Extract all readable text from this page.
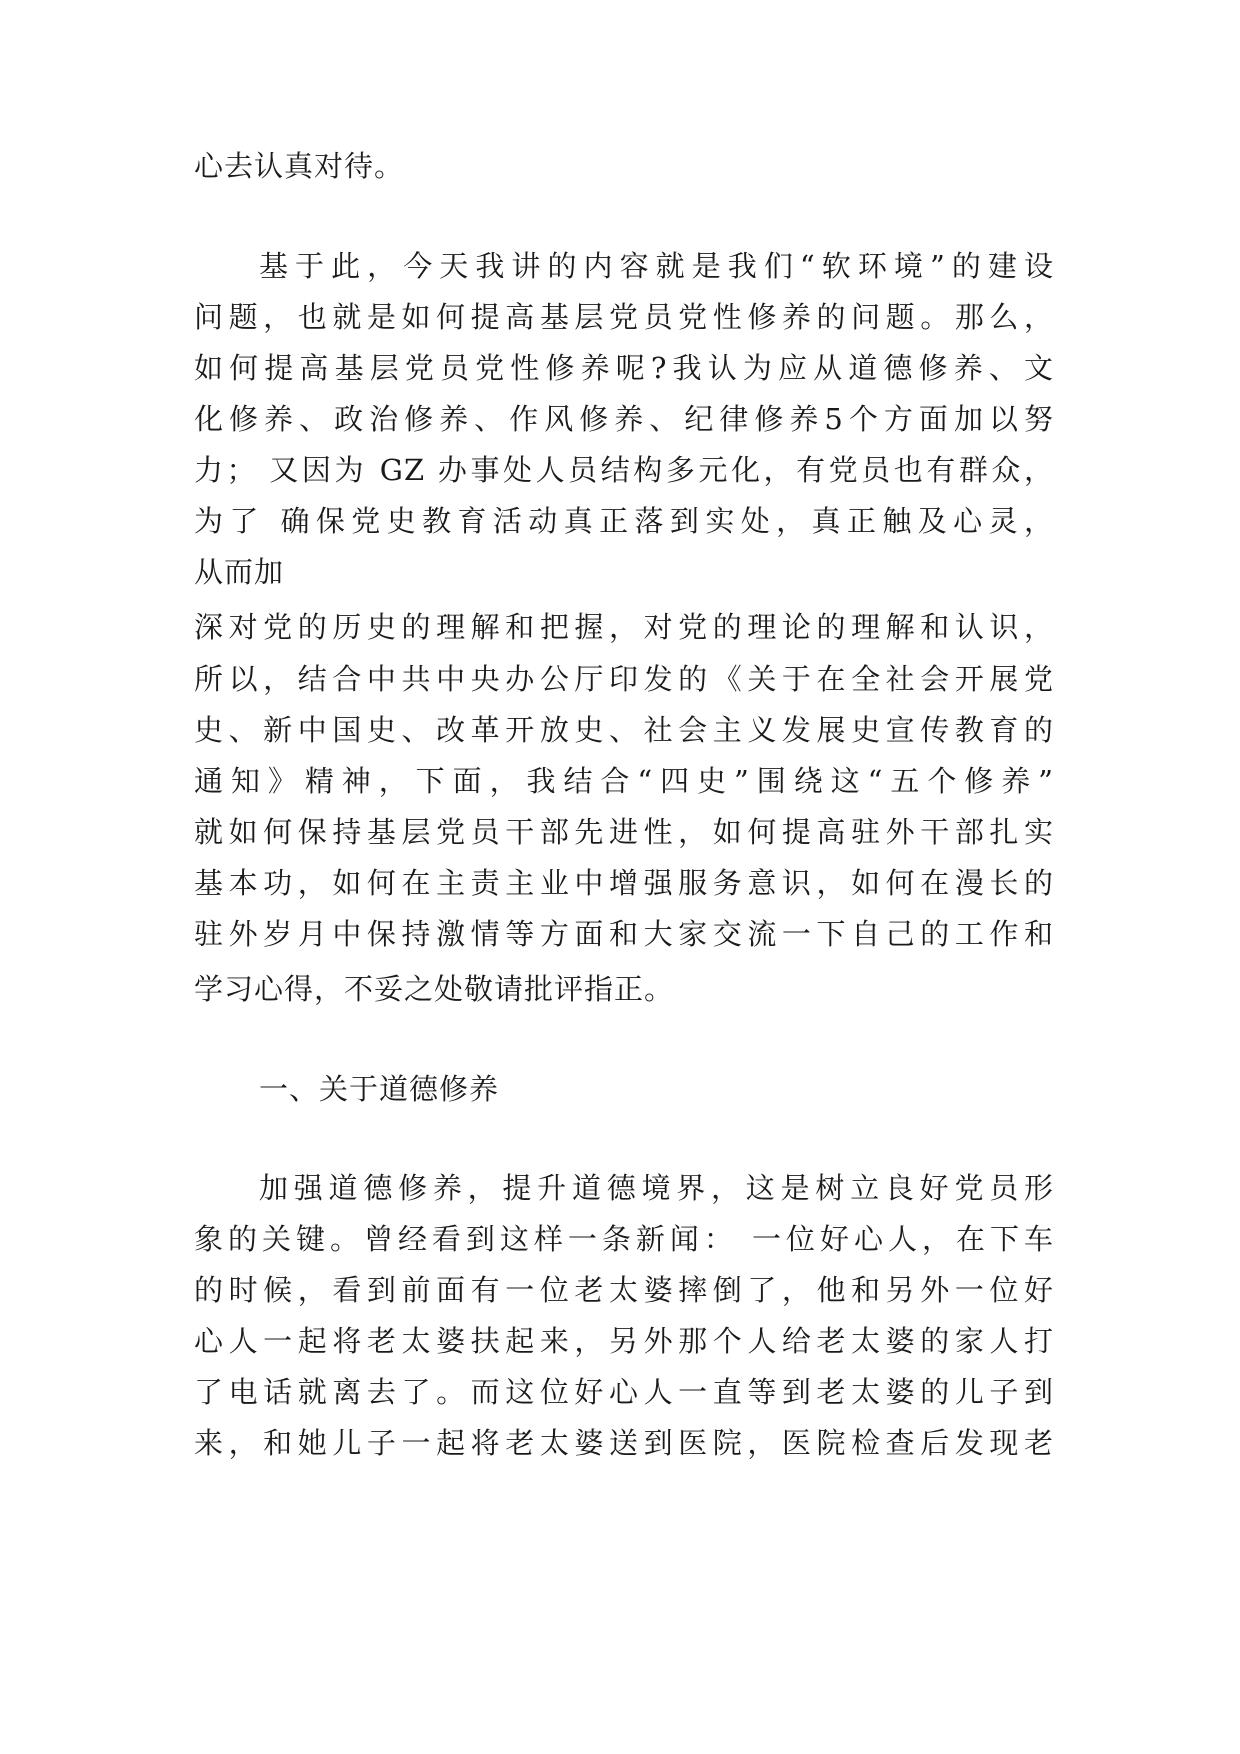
心去认真对待。
基于此，今天我讲的内容就是我们“软环境”的建设
问题，也就是如何提高基层党员党性修养的问题。那么，
如何提高基层党员党性修养呢?我认为应从道德修养、文
化修养、政治修养、作风修养、纪律修养5个方面加以努
力； 又因为 GZ 办事处人员结构多元化，有党员也有群众，
为了 确保党史教育活动真正落到实处，真正触及心灵，
从而加
深对党的历史的理解和把握，对党的理论的理解和认识，
所以，结合中共中央办公厅印发的《关于在全社会开展党
史、新中国史、改革开放史、社会主义发展史宣传教育的
通知》精神，下面，我结合“四史”围绕这“五个修养”
就如何保持基层党员干部先进性，如何提高驻外干部扎实
基本功，如何在主责主业中增强服务意识，如何在漫长的
驻外岁月中保持激情等方面和大家交流一下自己的工作和
学习心得，不妥之处敬请批评指正。
一、关于道德修养
加强道德修养，提升道德境界，这是树立良好党员形
象的关键。曾经看到这样一条新闻： 一位好心人，在下车
的时候，看到前面有一位老太婆摔倒了，他和另外一位好
心人一起将老太婆扶起来，另外那个人给老太婆的家人打
了电话就离去了。而这位好心人一直等到老太婆的儿子到
来，和她儿子一起将老太婆送到医院，医院检查后发现老
